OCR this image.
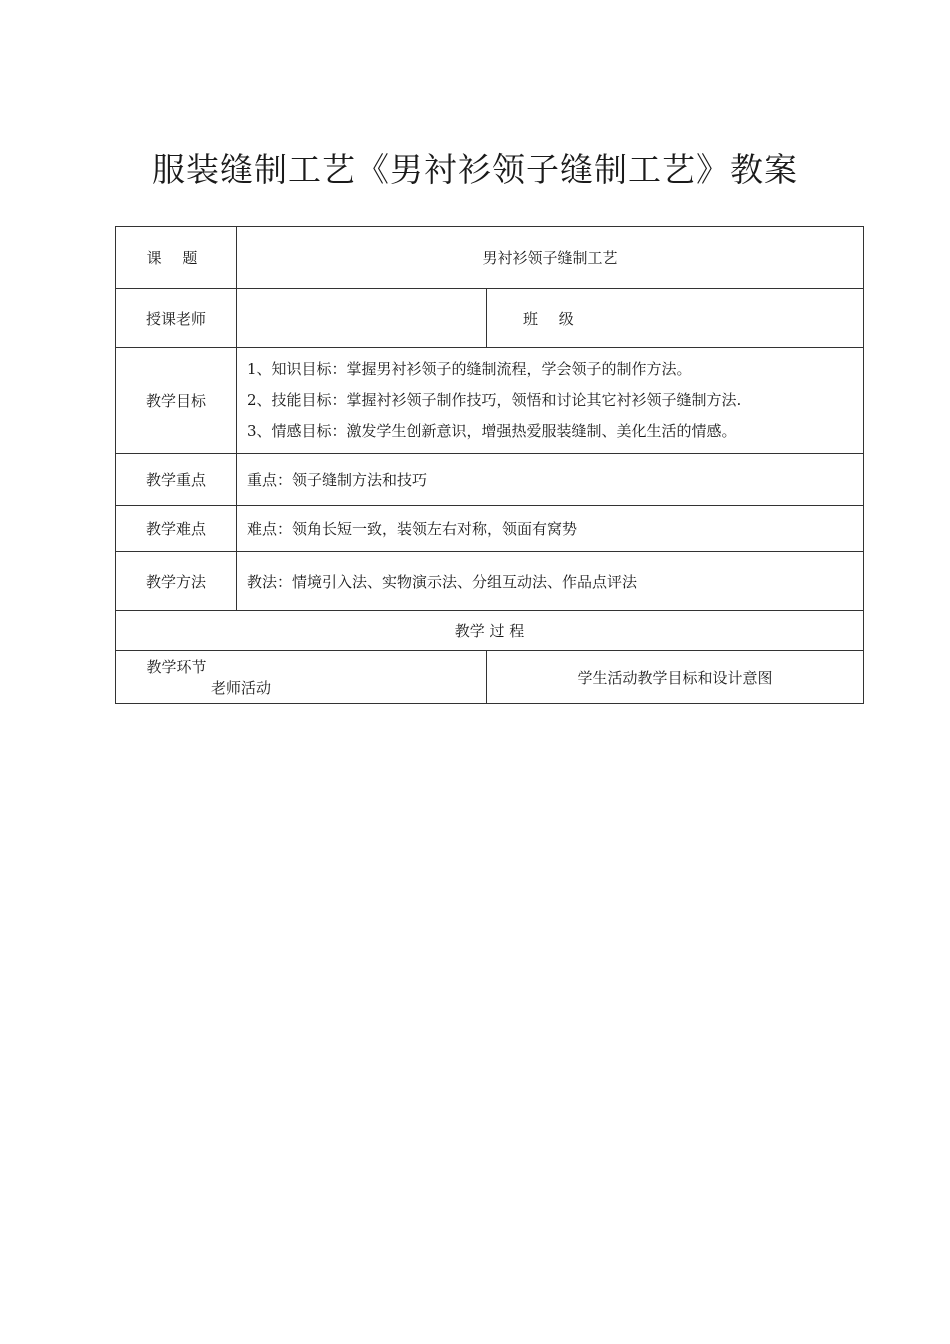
服装缝制工艺《男衬衫领子缝制工艺》教案
课 题	男衬衫领子缝制工艺	
授课老师		班 级
教学目标	1、知识目标：掌握男衬衫领子的缝制流程，学会领子的制作方法。
2、技能目标：掌握衬衫领子制作技巧，领悟和讨论其它衬衫领子缝制方法.
3、情感目标：激发学生创新意识，增强热爱服装缝制、美化生活的情感。	

教学重点	重点：领子缝制方法和技巧	
教学难点	难点：领角长短一致，装领左右对称，领面有窝势	
教学方法	教法：情境引入法、实物演示法、分组互动法、作品点评法	
教学 过 程		
教学环节老师活动		学生活动教学目标和设计意图
